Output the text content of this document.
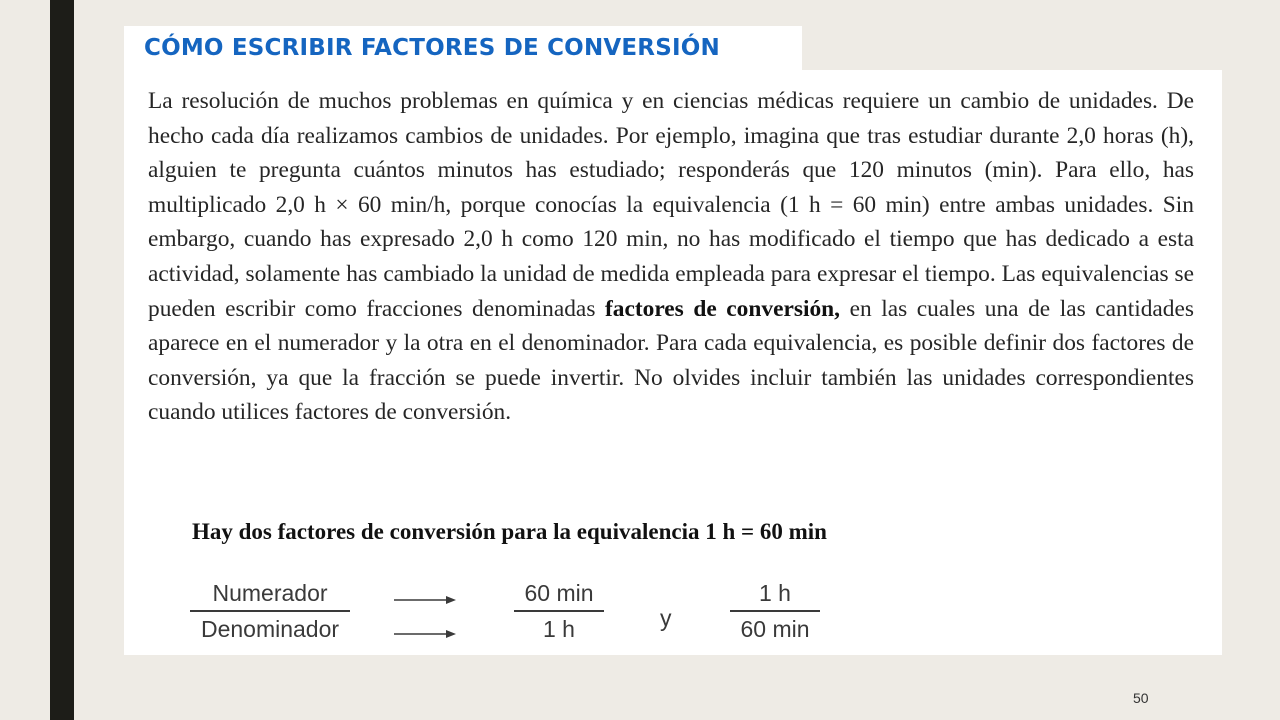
CÓMO ESCRIBIR FACTORES DE CONVERSIÓN

La resolución de muchos problemas en química y en ciencias médicas requiere un cambio de unidades. De hecho cada día realizamos cambios de unidades. Por ejemplo, imagina que tras estudiar durante 2,0 horas (h), alguien te pregunta cuántos minutos has estudiado; responderás que 120 minutos (min). Para ello, has multiplicado 2,0 h × 60 min/h, porque conocías la equivalencia (1 h = 60 min) entre ambas unidades. Sin embargo, cuando has expresado 2,0 h como 120 min, no has modificado el tiempo que has dedicado a esta actividad, solamente has cambiado la unidad de medida empleada para expresar el tiempo. Las equivalencias se pueden escribir como fracciones denominadas factores de conversión, en las cuales una de las cantidades aparece en el numerador y la otra en el denominador. Para cada equivalencia, es posible definir dos factores de conversión, ya que la fracción se puede invertir. No olvides incluir también las unidades correspondientes cuando utilices factores de conversión.

Hay dos factores de conversión para la equivalencia 1 h = 60 min

Numerador
Denominador
60 min
1 h	y
1 h
60 min
50
